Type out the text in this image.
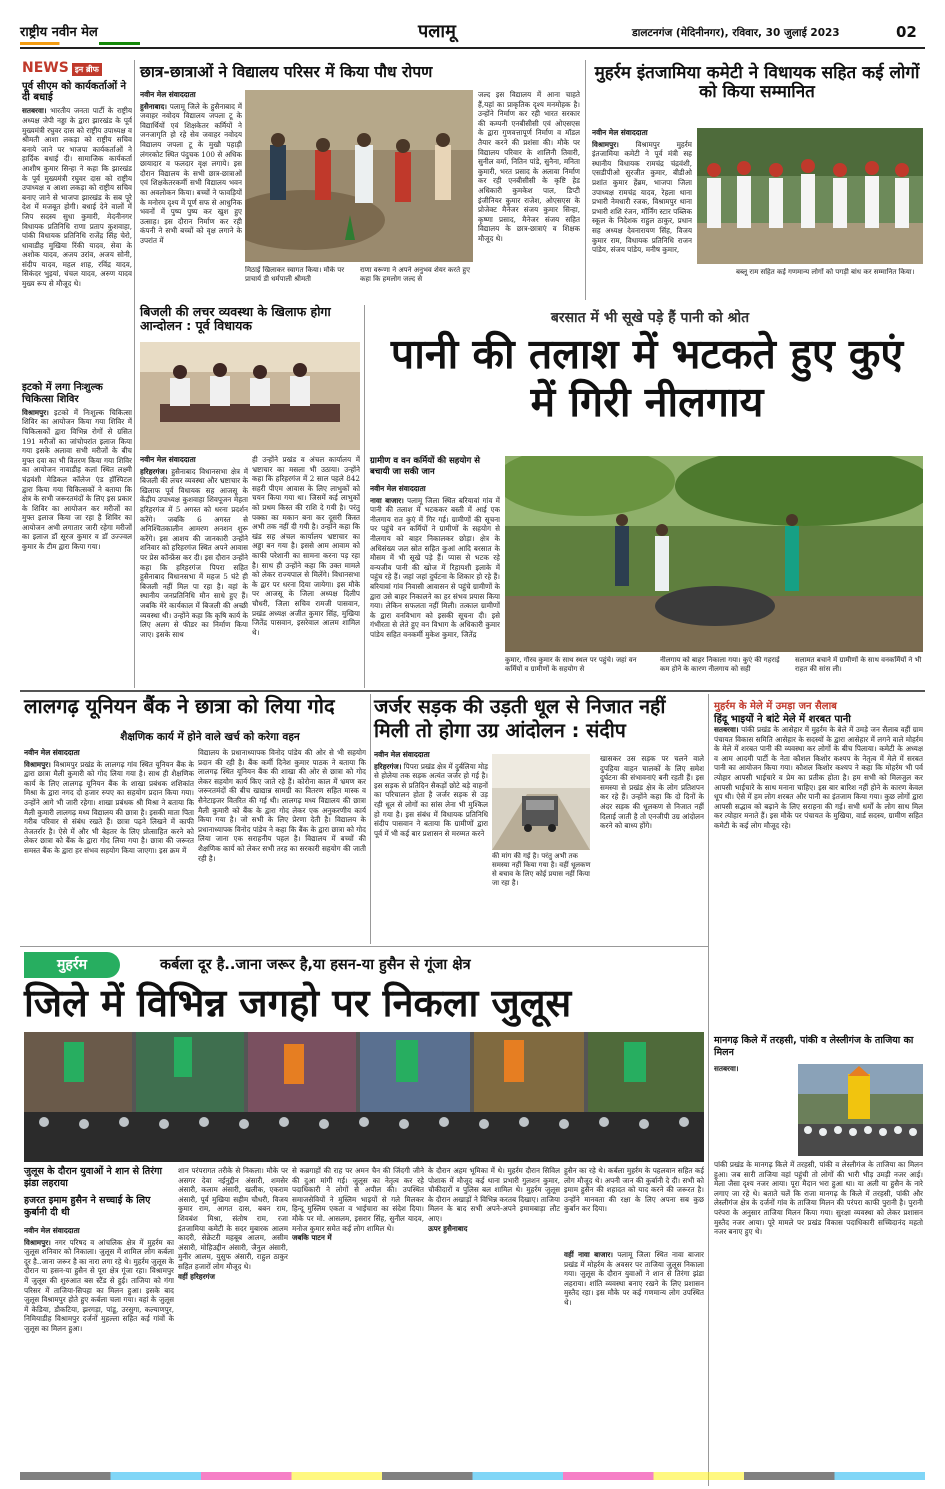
राष्ट्रीय नवीन मेल	पलामू	डालटनगंज (मेदिनीनगर), रविवार, 30 जुलाई 2023	02
NEWS इन ब्रीफ
पूर्व सीएम को कार्यकर्ताओं ने दी बधाई
सतबरवा। भारतीय जनता पार्टी के राष्ट्रीय अध्यक्ष जेपी नड्डा के द्वारा झारखंड के पूर्व मुख्यमंत्री रघुवर दास को राष्ट्रीय उपाध्यक्ष व श्रीमती आशा लकड़ा को राष्ट्रीय सचिव बनाये जाने पर भाजपा कार्यकर्ताओं ने हार्दिक बधाई दी। सामाजिक कार्यकर्ता आशीष कुमार सिन्हा ने कहा कि झारखंड के पूर्व मुख्यमंत्री रघुवर दास को राष्ट्रीय उपाध्यक्ष व आशा लकड़ा को राष्ट्रीय सचिव बनाए जाने से भाजपा झारखंड के सब पूरे देश में मजबूत होगी। बधाई देने वालों में जिप सदस्य सुधा कुमारी, मेदनीनगर विधायक प्रतिनिधि राणा प्रताप कुशवाहा, पांकी विधायक प्रतिनिधि राजेंद्र सिंह चेरो, धावाडीह मुखिया रिंकी यादव, सेवा के अशोक यादव, अजय उरांव, अजय सोनी, संदीप यादव, महल शाह, रविंद्र यादव, सिकंदर भुइयां, चंचल यादव, अरुण यादव मुख्य रूप से मौजूद थे।
इटको में लगा निःशुल्क चिकित्सा शिविर
विश्रामपुर। इटको में निःशुल्क चिकित्सा शिविर का आयोजन किया गया शिविर में चिकित्सकों द्वारा विभिन्न रोगों से ग्रसित 191 मरीजों का जांचोपरांत इलाज किया गया इसके अलावा सभी मरीजों के बीच मुफ्त दवा का भी वितरण किया गया शिविर का आयोजन नावाडीह कलां स्थित लक्ष्मी चंद्रवंशी मेडिकल कॉलेज एंड हॉस्पिटल द्वारा किया गया चिकित्सकों ने बताया कि क्षेत्र के सभी जरूरतमंदों के लिए इस प्रकार के शिविर का आयोजन कर मरीजों का मुफ्त इलाज किया जा रहा है शिविर का आयोजन अभी लगातार जारी रहेगा मरीजों का इलाज डॉ सूरज कुमार व डॉ उज्ज्वल कुमार के टीम द्वारा किया गया।
छात्र-छात्राओं ने विद्यालय परिसर में किया पौध रोपण
नवीन मेल संवाददाता
हुसैनाबाद। पलामू जिले के हुसैनाबाद में जवाहर नवोदय विद्यालय जपला टू के विद्यार्थियों एवं शिक्षकेतर कर्मियों ने जनजागृति हो रहे सेव जवाहर नवोदय विद्यालय जपला टू के मुखौ पहाड़ी लंगरकोट स्थित पंदुचक 100 से अधिक छायादार व फलदार वृक्ष लगाये। इस दौरान विद्यालय के सभी छात्र-छात्राओं एवं शिक्षकेतरकर्मी सभी विद्यालय भवन का अवलोकन किया। बच्चों ने फावड़ियों के मनोरम दृश्य में पूर्ण सफ से आधुनिक भवनों में पुष्प पुष्प कर खुश हुए उत्साह। इस दौरान निर्माण कर रही कंपनी ने सभी बच्चों को वृक्ष लगाने के उपरांत में
मिठाई खिलाकर स्वागत किया। मौके पर प्राचार्य डी धर्मपाली श्रीमती
राणा वरूणा ने अपने अनुभव शेयर करते हुए कहा कि हमलोग जल्द से
जल्द इस विद्यालय में आना चाहते हैं,यहां का प्राकृतिक दृश्य मनमोहक है। उन्होंने निर्माण कर रही भारत सरकार की कम्पनी एनबीसीसी एवं ओएसएस के द्वारा गुणवत्तापूर्ण निर्माण व मॉडल तैयार करने की प्रशंसा की। मौके पर विद्यालय परिवार के शालिनी तिवारी, सुनील वर्मा, नितिन पांडे, सुनैना, मनिता कुमारी, भरत प्रसाद के अलावा निर्माण कर रही एनबीसीसी के कृष्टि हेड अधिकारी कुमकेश पाल, डिप्टी इंजीनियर कुमार राजेश, ओएसएस के प्रोजेक्ट मैनेजर संजय कुमार सिन्हा, कृष्णा प्रसाद, मैनेजर संजय सहित विद्यालय के छात्र-छात्राएं व शिक्षक मौजूद थे।
मुहर्रम इंतजामिया कमेटी ने विधायक सहित कई लोगों को किया सम्मानित
नवीन मेल संवाददाता
विश्रामपुर। विश्रामपुर मुहर्रम इंतजामिया कमेटी ने पूर्व मंत्री सह स्थानीय विधायक रामचंद्र चंद्रवंशी, एसडीपीओ सुरजीत कुमार, बीडीओ प्रशांत कुमार हेंब्रम, भाजपा जिला उपाध्यक्ष रामचंद्र यादव, रेहला थाना प्रभारी नेमधारी रजक, विश्रामपुर थाना प्रभारी शशि रंजन, मॉर्निंग स्टार पब्लिक स्कूल के निदेशक राहुल ठाकुर, प्रधान सह अध्यक्ष देवनारायण सिंह, विजय कुमार राम, विधायक प्रतिनिधि राजन पांडेय, संजय पांडेय, मनीष कुमार,
बब्लू राम सहित कई गणमान्य लोगों को पगड़ी बांध कर सम्मानित किया।
बिजली की लचर व्यवस्था के खिलाफ होगा आन्दोलन : पूर्व विधायक
नवीन मेल संवाददाता
हरिहरगंज। हुसैनाबाद विधानसभा क्षेत्र में बिजली की लचर व्यवस्था और भ्रष्टाचार के खिलाफ पूर्व विधायक सह आजसू के केंद्रीय उपाध्यक्ष कुशवाहा शिवपूजन मेहता हरिहरगंज में 5 अगस्त को धरना प्रदर्शन करेंगे। जबकि 6 अगस्त से अनिश्चितकालीन आमरण अनशन शुरू करेंगे। इस आशय की जानकारी उन्होंने शनिवार को हरिहरगंज स्थित अपने आवास पर प्रेस कॉन्फ्रेंस कर दी। इस दौरान उन्होंने कहा कि हरिहरगंज पिपरा सहित हुसैनाबाद विधानसभा में महज 5 घंटे ही बिजली नहीं मिल पा रहा है। वहां के स्थानीय जनप्रतिनिधि मौन साधे हुए हैं। जबकि मेरे कार्यकाल में बिजली की अच्छी व्यवस्था थी। उन्होंने कहा कि कृषि कार्य के लिए अलग से फीडर का निर्माण किया जाए। इसके साथ
ही उन्होंने प्रखंड व अंचल कार्यालय में भ्रष्टाचार का मसला भी उठाया। उन्होंने कहा कि हरिहरगंज में 2 साल पहले 842 सहरी पीएम आवास के लिए लाभुकों को चयन किया गया था। जिसमें कई लाभुकों को प्रथम किस्त की राशि दे गयी है। परंतु पक्का का मकान बना कर दूसरी किस्त अभी तक नहीं दी गयी है। उन्होंने कहा कि खंड सह अंचल कार्यालय भ्रष्टाचार का अड्डा बन गया है। इससे आम आवाम को काफी परेशानी का सामना करना पड़ रहा है। साथ ही उन्होंने कहा कि उक्त मामले को लेकर राज्यपाल से मिलेंगे। विधानसभा के द्वार पर धरना दिया जायेगा। इस मौके पर आजसू के जिला अध्यक्ष दिलीप चौधरी, जिला सचिव रामजी पासवान, प्रखंड अध्यक्ष अजीत कुमार सिंह, मुखिया जितेंद्र पासवान, इसरेवाल आलम शामिल थे।
बरसात में भी सूखे पड़े हैं पानी को श्रोत
पानी की तलाश में भटकते हुए कुएं में गिरी नीलगाय
ग्रामीण व वन कर्मियों की सहयोग से बचायी जा सकी जान
नवीन मेल संवाददाता
नावा बाजार। पलामू जिला स्थित बरियावां गांव में पानी की तलाश में भटककर बस्ती में आई एक नीलगाय रात कुएं में गिर गई। ग्रामीणों की सूचना पर पहुंचे वन कर्मियों ने ग्रामीणों के सहयोग से नीलगाय को बाहर निकालकर छोड़ा। क्षेत्र के अधिसंख्य जल स्रोत सहित कुआं आदि बरसात के मौसम में भी सूखे पड़े हैं। प्यास से भटक रहे वन्यजीव पानी की खोज में रिहायशी इलाके में पहुंच रहे हैं। जहां जहां दुर्घटना के शिकार हो रहे हैं। बरियावां गांव निवासी आवासन से पहुंचे ग्रामीणों के द्वारा उसे बाहर निकालने का हर संभव प्रयास किया गया। लेकिन सफलता नहीं मिली। तत्काल ग्रामीणों के द्वारा वनविभाग को इसकी सूचना दी। इसे गंभीरता से लेते हुए वन विभाग के अधिकारी कुमार पांडेय सहित वनकर्मी मुकेश कुमार, जितेंद्र
कुमार, गौरव कुमार के साथ स्थल पर पहुंचे। जहां वन कर्मियों व ग्रामीणों के सहयोग से
नीलगाय को बाहर निकाला गया। कुएं की गहराई कम होने के कारण नीलगाय को सही
सलामत बचाने में ग्रामीणों के साथ वनकर्मियों ने भी राहत की सांस ली।
लालगढ़ यूनियन बैंक ने छात्रा को लिया गोद
शैक्षणिक कार्य में होने वाले खर्च को करेगा वहन
नवीन मेल संवाददाता
विश्रामपुर। विश्रामपुर प्रखंड के लालगढ़ गांव स्थित यूनियन बैंक के द्वारा छात्रा मैली कुमारी को गोद लिया गया है। साथ ही शैक्षणिक कार्य के लिए लालगढ़ यूनियन बैंक के शाखा प्रबंधक शशिकांत मिश्रा के द्वारा नगद दो हजार रुपए का सहयोग प्रदान किया गया। उन्होंने आगे भी जारी रहेगा। शाखा प्रबंधक श्री मिश्रा ने बताया कि मैली कुमारी लालगढ़ मध्य विद्यालय की छात्रा है। इसकी माता पिता गरीब परिवार से संबंध रखते हैं। छात्रा पढ़ने लिखने में काफी तेजतर्रार है। ऐसे में और भी बेहतर के लिए प्रोत्साहित करने को लेकर छात्रा को बैंक के द्वारा गोद लिया गया है। छात्रा की जरूरत समस्त बैंक के द्वारा हर संभव सहयोग किया जाएगा। इस क्रम में
विद्यालय के प्रधानाध्यापक विनोद पांडेय की ओर से भी सहयोग प्रदान की रही है। बैंक कर्मी दिनेश कुमार पाठक ने बताया कि लालगढ़ स्थित यूनियन बैंक की शाखा की ओर से छात्रा को गोद लेकर सहयोग कार्य किए जाते रहे हैं। कोरोना काल में भ्रमण कर जरूरतमंदों की बीच खाद्यान्न सामग्री का वितरण सहित मास्क व सैनेटाइजर वितरित की गई थी। लालगढ़ मध्य विद्यालय की छात्रा मैली कुमारी को बैंक के द्वारा गोद लेकर एक अनुकरणीय कार्य किया गया है। जो सभी के लिए प्रेरणा देती है। विद्यालय के प्रधानाध्यापक विनोद पांडेय ने कहा कि बैंक के द्वारा छात्रा को गोद लिया जाना एक सराहनीय पहल है। विद्यालय में बच्चों की शैक्षणिक कार्य को लेकर सभी तरह का सरकारी सहयोग की जाती रही है।
जर्जर सड़क की उड़ती धूल से निजात नहीं मिली तो होगा उग्र आंदोलन : संदीप
नवीन मेल संवाददाता
हरिहरगंज। पिपरा प्रखंड क्षेत्र में दुर्बलिया मोड़ से होलेया तक सड़क अत्यंत जर्जर हो गई है। इस सड़क से प्रतिदिन सैकड़ों छोटे बड़े वाहनों का परिचालन होता है जर्जर सड़क से उड़ रही धूल से लोगों का सांस लेना भी मुश्किल हो गया है। इस संबंध में विधायक प्रतिनिधि संदीप पासवान ने बताया कि ग्रामीणों द्वारा पूर्व में भी कई बार प्रशासन से मरम्मत करने
की मांग की गई है। परंतु अभी तक समस्या नहीं किया गया है। वहीं धूलकण से बचाव के लिए कोई प्रयास नहीं किया जा रहा है।
खासकर उस सड़क पर चलने वाले दुपहिया वाहन चालकों के लिए समेश दुर्घटना की संभावनाएं बनी रहती हैं। इस समस्या से प्रखंड क्षेत्र के लोग प्रतिशपन कर रहे हैं। उन्होंने कहा कि दो दिनों के अंदर सड़क की धूलकण से निजात नहीं दिलाई जाती है तो एनजीपी उग्र आंदोलन करने को बाध्य होंगे।
मुहर्रम के मेले में उमड़ा जन सैलाब
हिंदू भाइयों ने बांटे मेले में शरबत पानी
सतबरवा। पांकी प्रखंड के आसेहार में मुहर्रम के बेले में उमड़े जन सैलाब वहीं ग्राम पंचायत विकास समिति आसेहार के सदस्यों के द्वारा आसेहार में लगने वाले मोहर्रम के मेले में शरबत पानी की व्यवस्था कर लोगों के बीच पिलाया। कमेटी के अध्यक्ष व आम आदमी पार्टी के नेता कौशल किशोर कश्यप के नेतृत्व में मेले में सरबत पानी का आयोजन किया गया। कौशल किशोर कश्यप ने कहा कि मोहर्रम भी पर्व त्योहार आपसी भाईचारे व प्रेम का प्रतीक होता है। हम सभी को मिलजुल कर आपसी भाईचारे के साथ मनाना चाहिए। इस बार बारिश नहीं होने के कारण केवल धूप थी। ऐसे में हम लोग शरबत और पानी का इंतजाम किया गया। कुछ लोगों द्वारा आपसी सद्भाव को बढ़ाने के लिए सराहना की गई। सभी धर्मों के लोग साथ मिल कर त्योहार मनाते हैं। इस मौके पर पंचायत के मुखिया, वार्ड सदस्य, ग्रामीण सहित कमेटी के कई लोग मौजूद रहे।
मानगढ़ किले में तरहसी, पांकी व लेस्लीगंज के ताजिया का मिलन
सतबरवा।
पांकी प्रखंड के मानगढ़ किले में तरहसी, पांकी व लेस्लीगंज के ताजिया का मिलन हुआ। जब सारी ताजिया वहां पहुंची तो लोगों की भारी भीड़ उमड़ी नजर आई। मेला जैसा दृश्य नजर आया। पूरा मैदान भरा हुआ था। या अली या हुसैन के नारे लगाए जा रहे थे। बताते चलें कि राजा मानगढ़ के किले में तरहसी, पांकी और लेस्लीगंज क्षेत्र के दर्जनों गांव के ताजिया मिलन की परंपरा काफी पुरानी है। पुरानी परंपरा के अनुसार ताजिया मिलन किया गया। सुरक्षा व्यवस्था को लेकर प्रशासन मुस्तैद नजर आया। पूरे मामले पर प्रखंड विकास पदाधिकारी सच्चिदानंद महतो नजर बनाए हुए थे।
मुहर्रम	कर्बला दूर है..जाना जरूर है,या हसन-या हुसैन से गूंजा क्षेत्र
जिले में विभिन्न जगहो पर निकला जुलूस
जुलूस के दौरान युवाओं ने शान से तिरंगा झंडा लहराया
हजरत इमाम हुसैन ने सच्चाई के लिए कुर्बानी दी थी
नवीन मेल संवाददाता
विश्रामपुर। नगर परिषद व आंचलिक क्षेत्र में मुहर्रम का जुलूस शनिवार को निकाला। जुलूस में शामिल लोग कर्बला दूर है..जाना जरूर है का नारा लगा रहे थे। मुहर्रम जुलूस के दौरान या हसन-या हुसैन से पूरा क्षेत्र गूंजा रहा। विश्रामपुर में जुलूस की शुरुआत बस स्टैंड से हुई। ताजिया को गंगा परिसर में ताजिया-सिपहा का मिलन हुआ। इसके बाद जुलूस विश्रामपुर होते हुए कर्बला चला गया। वहां के जुलूस में केडिया, डौकटिया, झरगड़ा, पांडू, उरसुगा, कल्याणपुर, निमियाडीह विश्रामपुर दर्जनों मुहल्ला सहित कई गांवों के जुलूस का मिलन हुआ।
शान परंपरागत तरीके से निकला। मौके पर असगर देवा नईनुद्दीन अंसारी, शमसेर अंसारी, कलाम अंसारी, खलीक, एकराम अंसारी, पूर्व मुखिया सहीम चौधरी, विजय कुमार राम, आगत दास, बबन राम, शिवबंश मिश्रा, संतोष राम, रजा इंतजामिया कमेटी के सदर मुबारक आलम कादरी, सेक्रेटरी महबूब आलम, असीम अंसारी, मोहिउद्दीन अंसारी, जैनुल अंसारी, मुनीर आलम, युसुफ अंसारी, राहुल ठाकुर सहित हजारों लोग मौजूद थे।
वहीं हरिहरगंज
से कब्रगाहों की राह पर अमन चैन की जिंदगी जीने की दुआ मांगी गई। जुलूस का नेतृत्व कर रहे पदाधिकारी ने लोगों से अपील की। उपस्थित समाजसेवियों ने मुस्लिम भाइयों से गले मिलकर हिन्दू मुस्लिम एकता व भाईचारा का संदेश दिया। मौके पर मो. आसलम, इसरार सिंह, सुनील यादव, मनोज कुमार समेत कई लोग शामिल थे।
जबकि पाटन में
के दौरान अहम भूमिका में थे। मुहर्रम दौरान सिविल पोशाक में मौजूद कई थाना प्रभारी गुलशन कुमार, चौकीदारों व पुलिस बल शामिल थे। मुहर्रम जुलूस के दौरान अखाड़ों ने विभिन्न करतब दिखाए। ताजिया मिलन के बाद सभी अपने-अपने इमामबाड़ा लौट आए।
ऊपर हुसैनाबाद
हुसैन का रहे थे। कर्बला मुहर्रम के पहलवान सहित कई लोग मौजूद थे। अपनी जान की कुर्बानी दे दी। सभी को इमाम हुसैन की शहादत को याद करने की जरूरत है। उन्होंने मानवता की रक्षा के लिए अपना सब कुछ कुर्बान कर दिया।
वहीं नावा बाजार। पलामू जिला स्थित नावा बाजार प्रखंड में मोहर्रम के अवसर पर ताजिया जुलूस निकाला गया। जुलूस के दौरान युवाओं ने शान से तिरंगा झंडा लहराया। शांति व्यवस्था बनाए रखने के लिए प्रशासन मुस्तैद रहा। इस मौके पर कई गणमान्य लोग उपस्थित थे।
